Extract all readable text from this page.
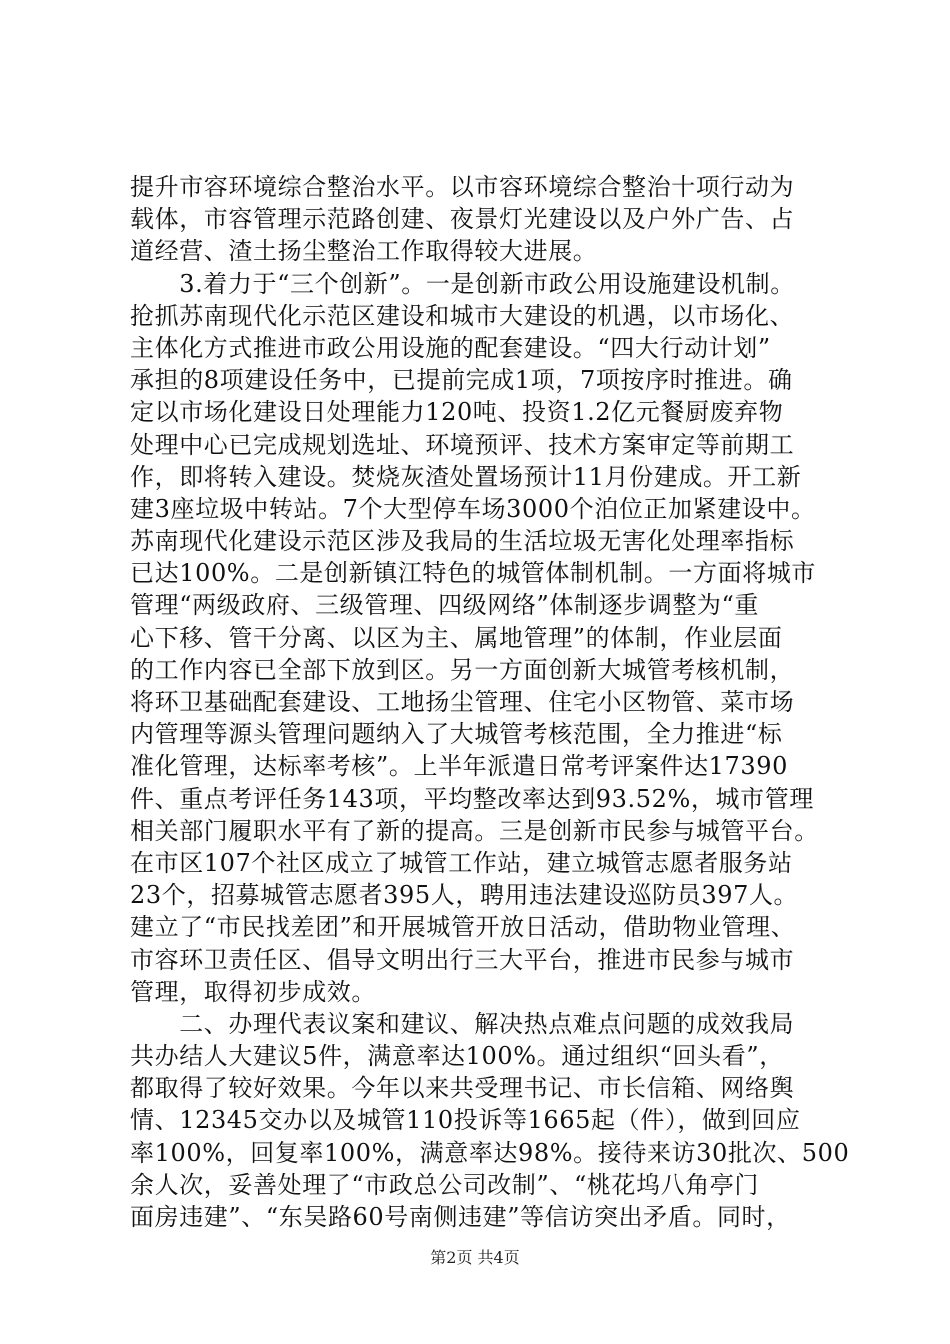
提升市容环境综合整治水平。以市容环境综合整治十项行动为
载体，市容管理示范路创建、夜景灯光建设以及户外广告、占
道经营、渣土扬尘整治工作取得较大进展。
　　3.着力于“三个创新”。一是创新市政公用设施建设机制。
抢抓苏南现代化示范区建设和城市大建设的机遇，以市场化、
主体化方式推进市政公用设施的配套建设。“四大行动计划”
承担的8项建设任务中，已提前完成1项，7项按序时推进。确
定以市场化建设日处理能力120吨、投资1.2亿元餐厨废弃物
处理中心已完成规划选址、环境预评、技术方案审定等前期工
作，即将转入建设。焚烧灰渣处置场预计11月份建成。开工新
建3座垃圾中转站。7个大型停车场3000个泊位正加紧建设中。
苏南现代化建设示范区涉及我局的生活垃圾无害化处理率指标
已达100%。二是创新镇江特色的城管体制机制。一方面将城市
管理“两级政府、三级管理、四级网络”体制逐步调整为“重
心下移、管干分离、以区为主、属地管理”的体制，作业层面
的工作内容已全部下放到区。另一方面创新大城管考核机制，
将环卫基础配套建设、工地扬尘管理、住宅小区物管、菜市场
内管理等源头管理问题纳入了大城管考核范围，全力推进“标
准化管理，达标率考核”。上半年派遣日常考评案件达17390
件、重点考评任务143项，平均整改率达到93.52%，城市管理
相关部门履职水平有了新的提高。三是创新市民参与城管平台。
在市区107个社区成立了城管工作站，建立城管志愿者服务站
23个，招募城管志愿者395人，聘用违法建设巡防员397人。
建立了“市民找差团”和开展城管开放日活动，借助物业管理、
市容环卫责任区、倡导文明出行三大平台，推进市民参与城市
管理，取得初步成效。
　　二、办理代表议案和建议、解决热点难点问题的成效我局
共办结人大建议5件，满意率达100%。通过组织“回头看”，
都取得了较好效果。今年以来共受理书记、市长信箱、网络舆
情、12345交办以及城管110投诉等1665起（件），做到回应
率100%，回复率100%，满意率达98%。接待来访30批次、500
余人次，妥善处理了“市政总公司改制”、“桃花坞八角亭门
面房违建”、“东吴路60号南侧违建”等信访突出矛盾。同时，
第2页 共4页
